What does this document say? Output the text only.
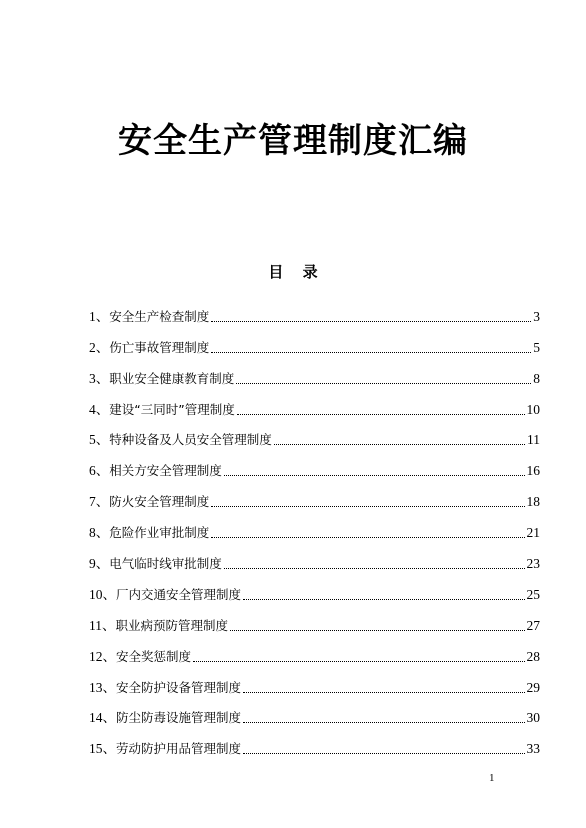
安全生产管理制度汇编
目 录
1、 安全生产检查制度	3
2、 伤亡事故管理制度	5
3、 职业安全健康教育制度	8
4、 建设“三同时”管理制度	10
5、 特种设备及人员安全管理制度	11
6、 相关方安全管理制度	16
7、 防火安全管理制度	18
8、 危险作业审批制度	21
9、 电气临时线审批制度	23
10、 厂内交通安全管理制度	25
11、 职业病预防管理制度	27
12、 安全奖惩制度	28
13、 安全防护设备管理制度	29
14、 防尘防毒设施管理制度	30
15、 劳动防护用品管理制度	33
1
